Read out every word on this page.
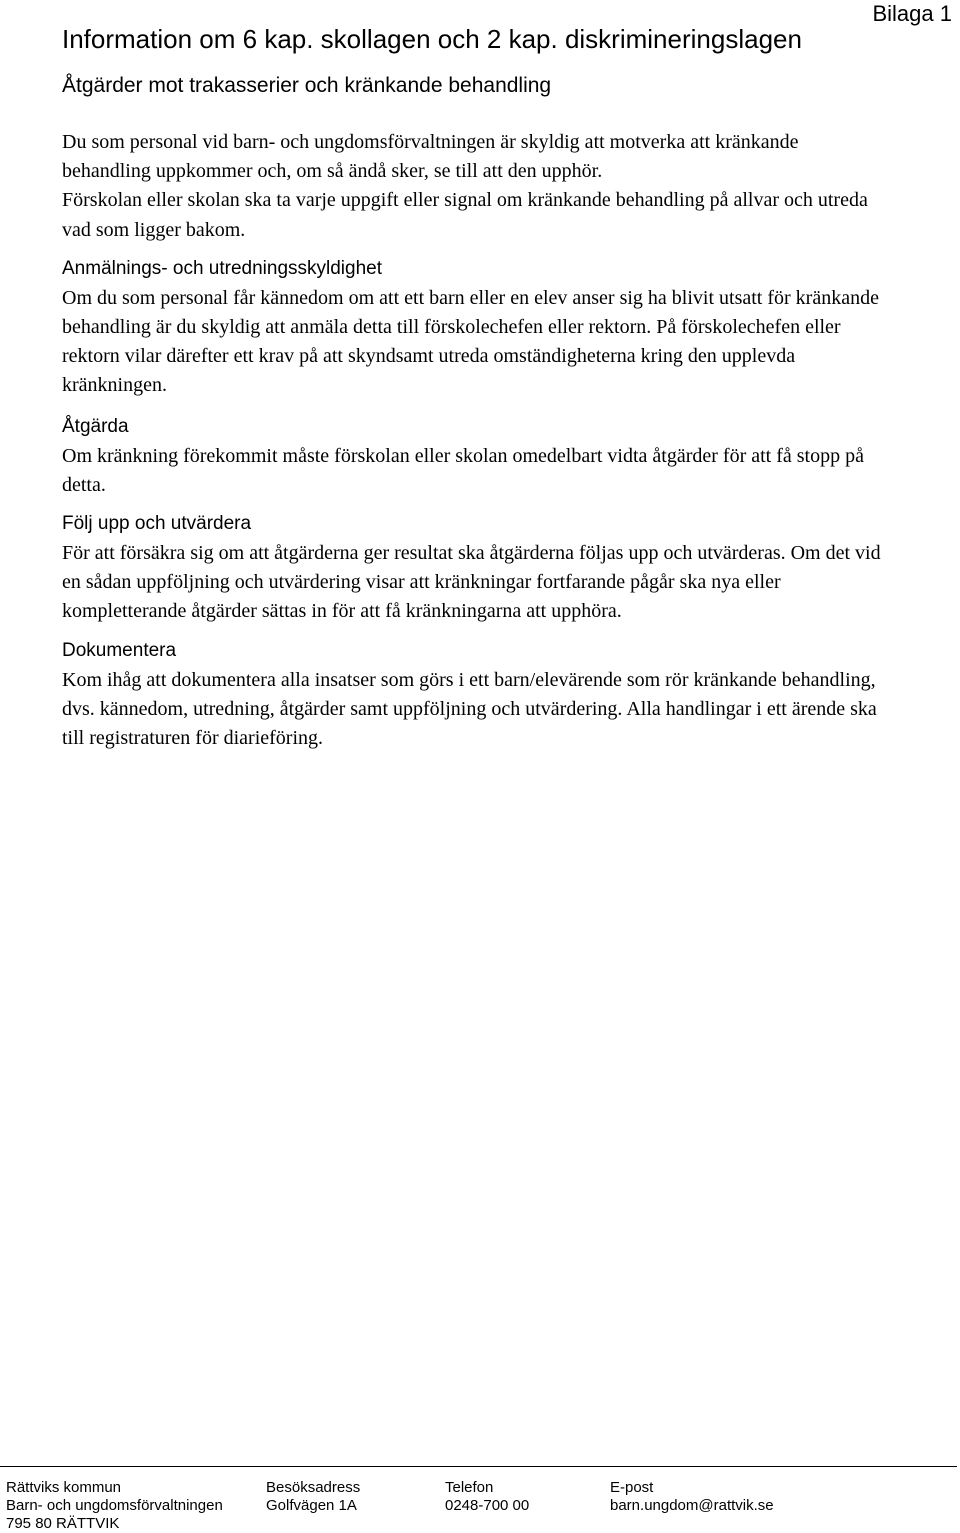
Bilaga 1
Information om 6 kap. skollagen och 2 kap. diskrimineringslagen
Åtgärder mot trakasserier och kränkande behandling

Du som personal vid barn- och ungdomsförvaltningen är skyldig att motverka att kränkande behandling uppkommer och, om så ändå sker, se till att den upphör.

Förskolan eller skolan ska ta varje uppgift eller signal om kränkande behandling på allvar och utreda vad som ligger bakom.

Anmälnings- och utredningsskyldighet

Om du som personal får kännedom om att ett barn eller en elev anser sig ha blivit utsatt för kränkande behandling är du skyldig att anmäla detta till förskolechefen eller rektorn. På förskolechefen eller rektorn vilar därefter ett krav på att skyndsamt utreda omständigheterna kring den upplevda kränkningen.

Åtgärda

Om kränkning förekommit måste förskolan eller skolan omedelbart vidta åtgärder för att få stopp på detta.

Följ upp och utvärdera

För att försäkra sig om att åtgärderna ger resultat ska åtgärderna följas upp och utvärderas. Om det vid en sådan uppföljning och utvärdering visar att kränkningar fortfarande pågår ska nya eller kompletterande åtgärder sättas in för att få kränkningarna att upphöra.

Dokumentera

Kom ihåg att dokumentera alla insatser som görs i ett barn/elevärende som rör kränkande behandling, dvs. kännedom, utredning, åtgärder samt uppföljning och utvärdering. Alla handlingar i ett ärende ska till registraturen för diarieföring.

Rättviks kommun
Barn- och ungdomsförvaltningen
795 80 RÄTTVIK
Besöksadress
Golfvägen 1A
Telefon
0248-700 00
E-post
barn.ungdom@rattvik.se
